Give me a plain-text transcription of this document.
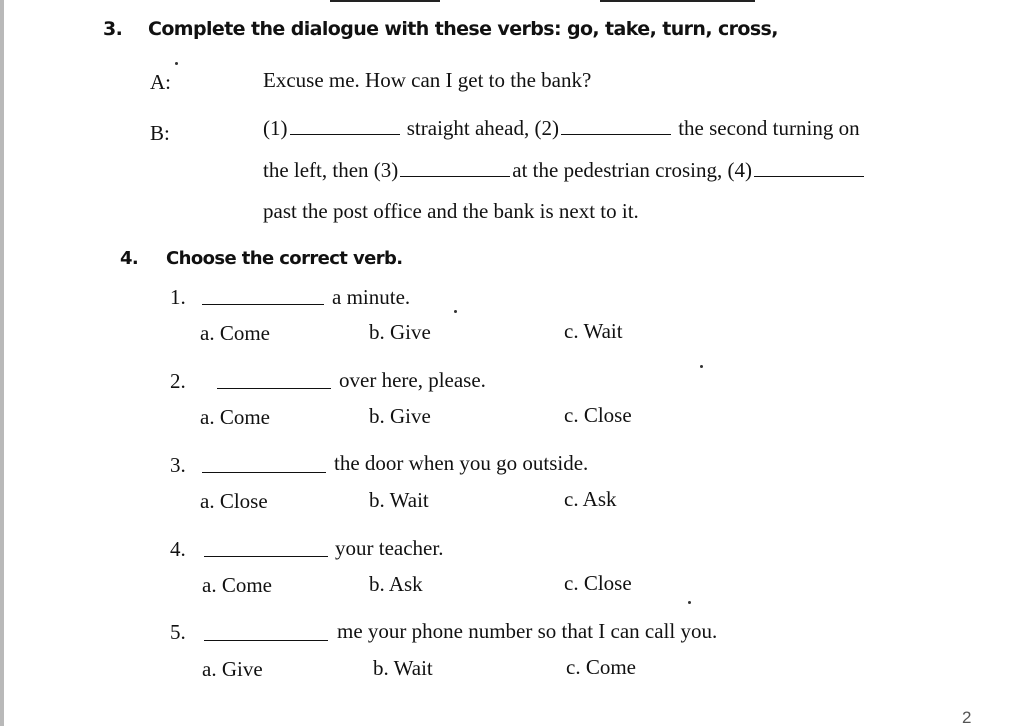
3. Complete the dialogue with these verbs: go, take, turn, cross,
A:	Excuse me. How can I get to the bank?
B:	(1)	straight ahead, (2)	the second turning on
the left, then (3)	at the pedestrian crosing, (4)
past the post office and the bank is next to it.
4. Choose the correct verb.
1.	a minute.
a. Come	b. Give	c. Wait
2.	over here, please.
a. Come	b. Give	c. Close
3.	the door when you go outside.
a. Close	b. Wait	c. Ask
4.	your teacher.
a. Come	b. Ask	c. Close
5.	me your phone number so that I can call you.
a. Give	b. Wait	c. Come
2
